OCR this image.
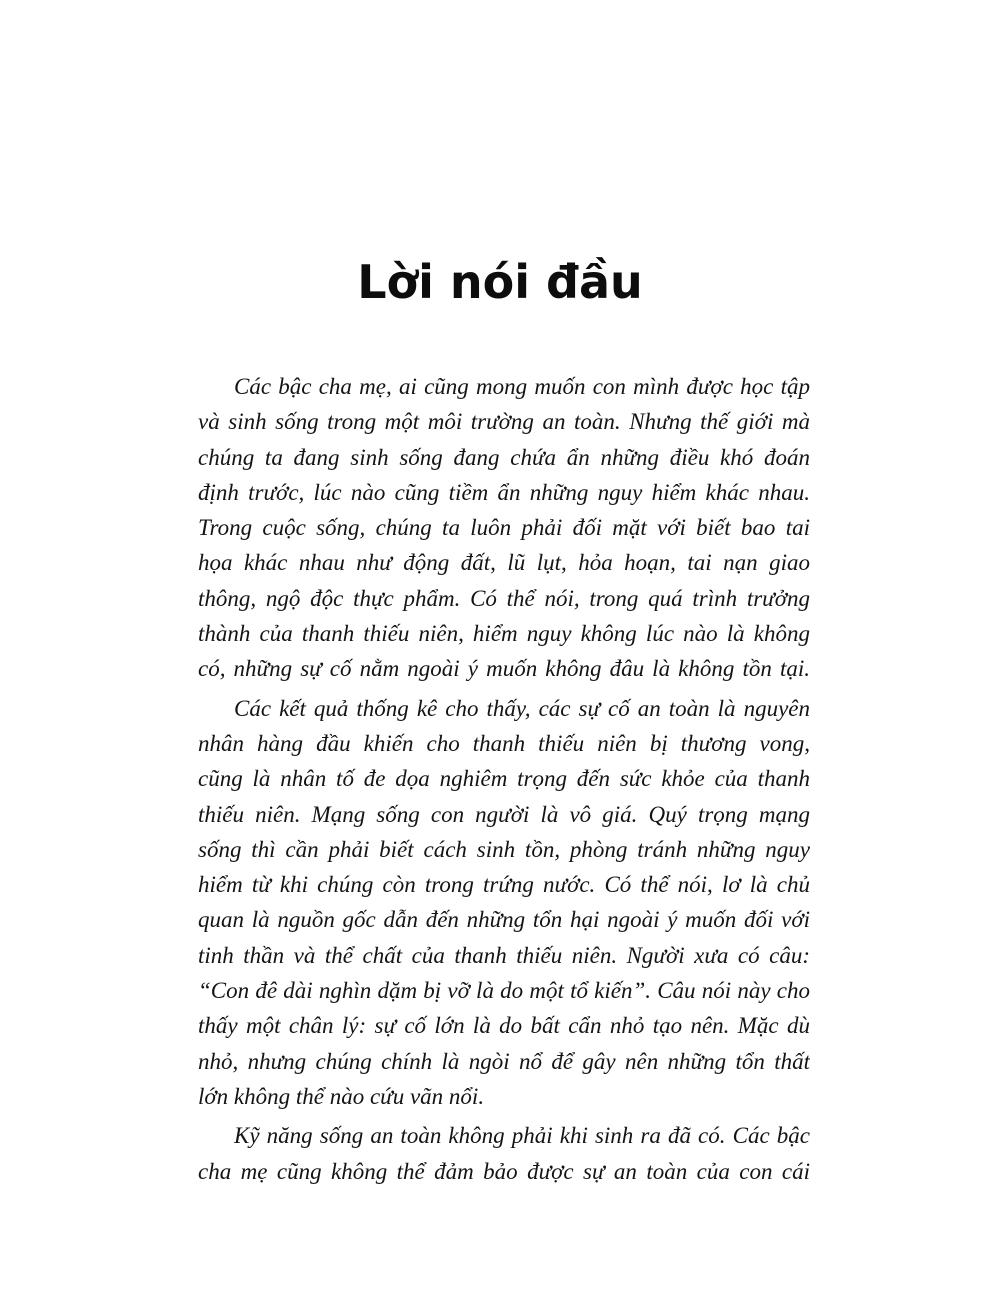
Lời nói đầu

Các bậc cha mẹ, ai cũng mong muốn con mình được học tập
và sinh sống trong một môi trường an toàn. Nhưng thế giới mà
chúng ta đang sinh sống đang chứa ẩn những điều khó đoán
định trước, lúc nào cũng tiềm ẩn những nguy hiểm khác nhau.
Trong cuộc sống, chúng ta luôn phải đối mặt với biết bao tai
họa khác nhau như động đất, lũ lụt, hỏa hoạn, tai nạn giao
thông, ngộ độc thực phẩm. Có thể nói, trong quá trình trưởng
thành của thanh thiếu niên, hiểm nguy không lúc nào là không
có, những sự cố nằm ngoài ý muốn không đâu là không tồn tại.

Các kết quả thống kê cho thấy, các sự cố an toàn là nguyên
nhân hàng đầu khiến cho thanh thiếu niên bị thương vong,
cũng là nhân tố đe dọa nghiêm trọng đến sức khỏe của thanh
thiếu niên. Mạng sống con người là vô giá. Quý trọng mạng
sống thì cần phải biết cách sinh tồn, phòng tránh những nguy
hiểm từ khi chúng còn trong trứng nước. Có thể nói, lơ là chủ
quan là nguồn gốc dẫn đến những tổn hại ngoài ý muốn đối với
tinh thần và thể chất của thanh thiếu niên. Người xưa có câu:
“Con đê dài nghìn dặm bị vỡ là do một tổ kiến”. Câu nói này cho
thấy một chân lý: sự cố lớn là do bất cẩn nhỏ tạo nên. Mặc dù
nhỏ, nhưng chúng chính là ngòi nổ để gây nên những tổn thất
lớn không thể nào cứu vãn nổi.

Kỹ năng sống an toàn không phải khi sinh ra đã có. Các bậc
cha mẹ cũng không thể đảm bảo được sự an toàn của con cái
